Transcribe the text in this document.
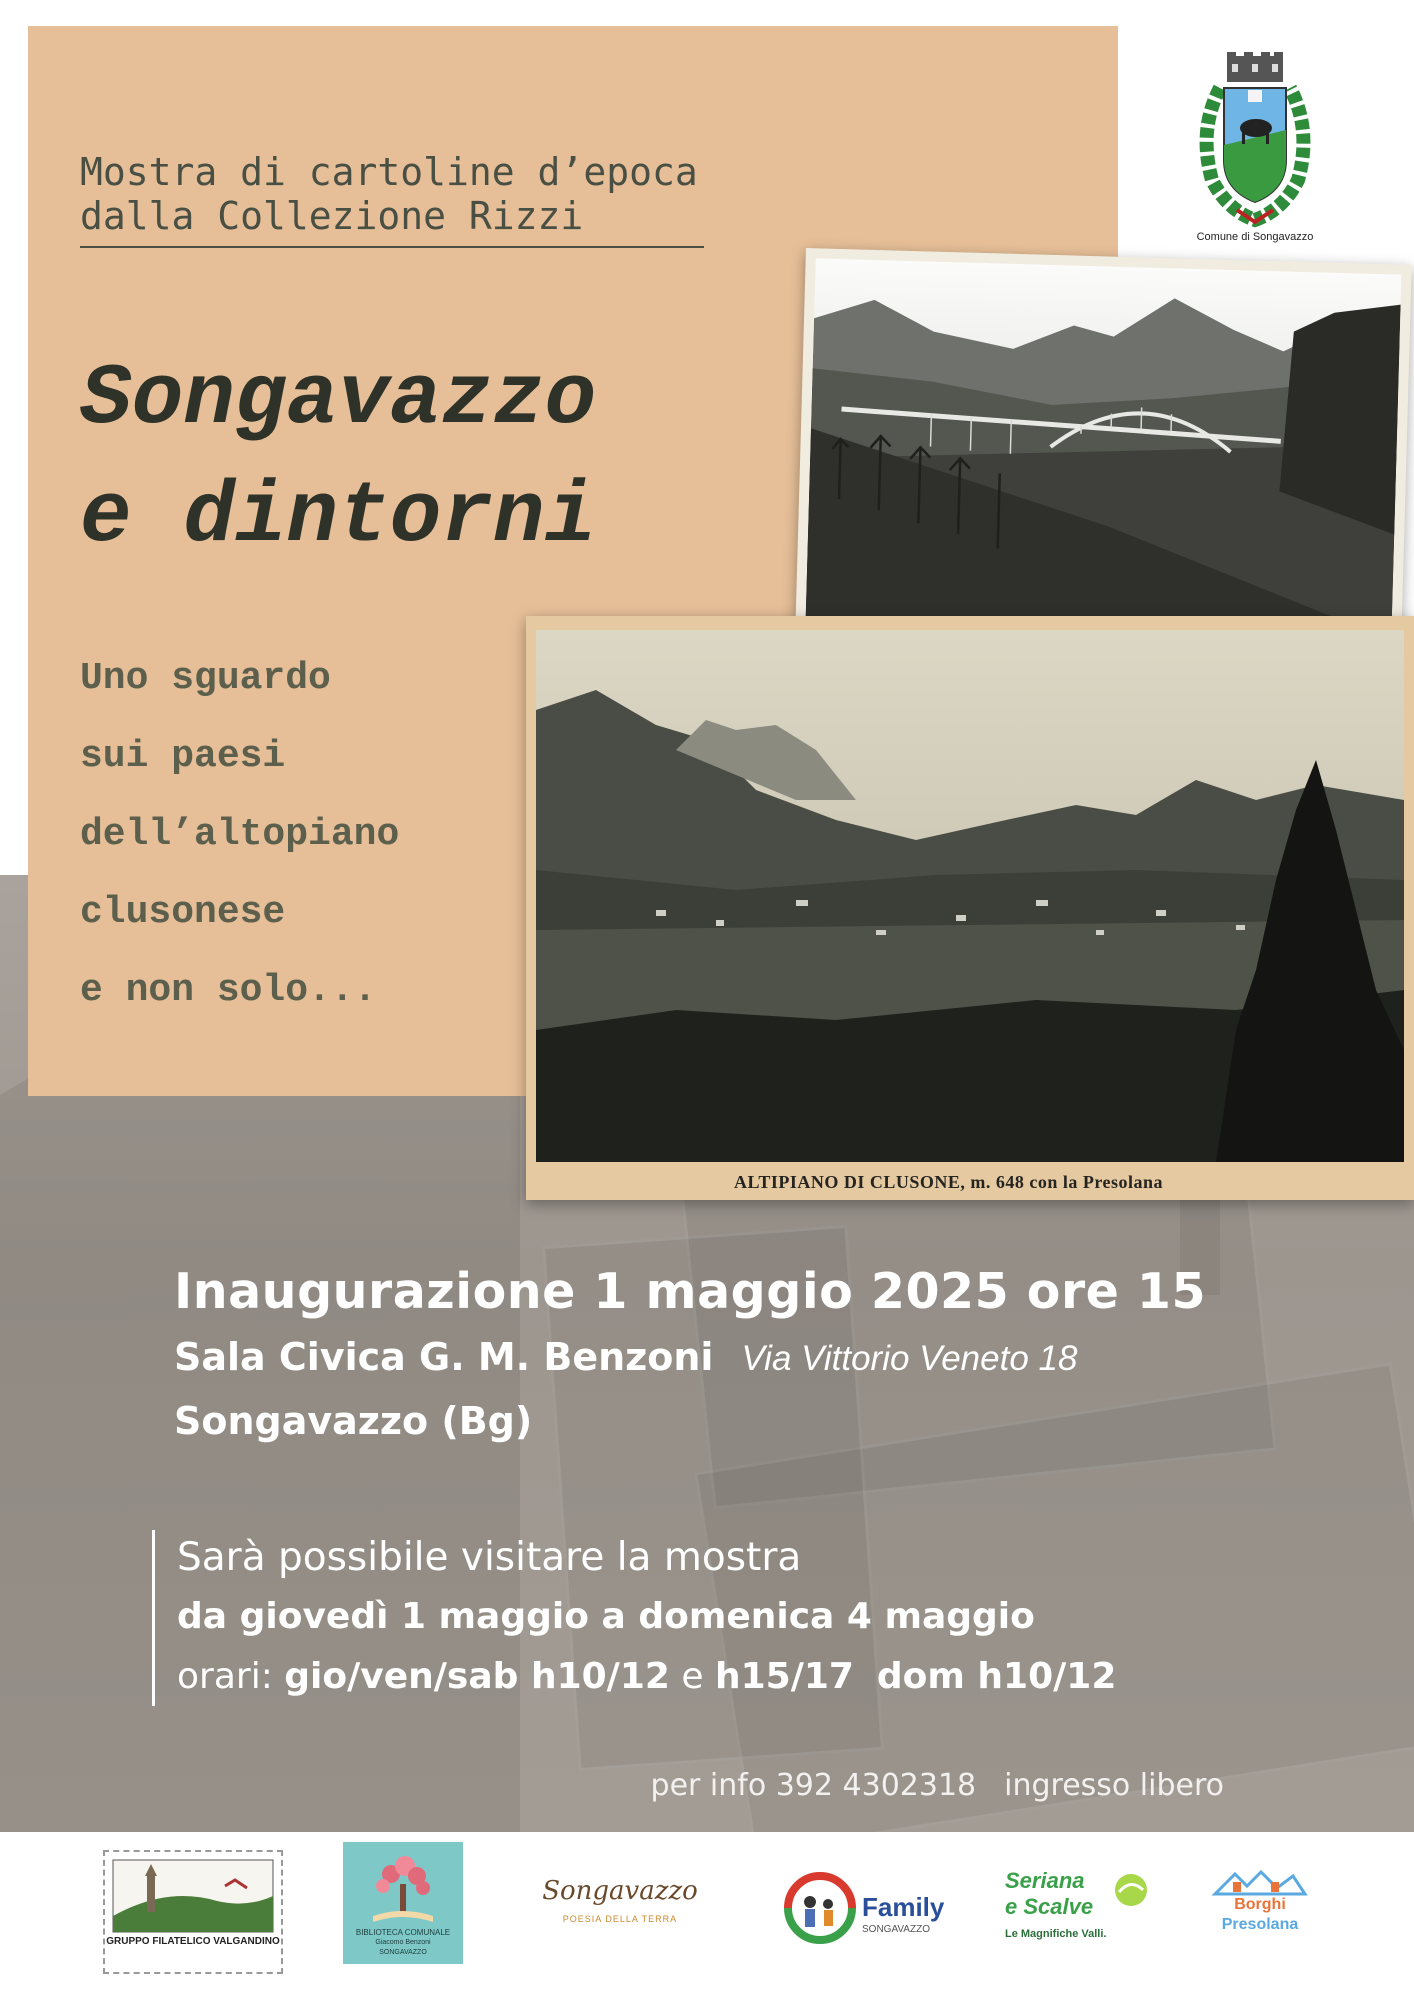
Mostra di cartoline d’epoca
dalla Collezione Rizzi

Songavazzo
e dintorni

Uno sguardo
sui paesi
dell’altopiano
clusonese
e non solo...

Comune di Songavazzo
ALTIPIANO DI CLUSONE, m. 648 con la Presolana
Inaugurazione 1 maggio 2025 ore 15
Sala Civica G. M. Benzoni Via Vittorio Veneto 18
Songavazzo (Bg)
Sarà possibile visitare la mostra
da giovedì 1 maggio a domenica 4 maggio
orari: gio/ven/sab h10/12 e h15/17 dom h10/12
per info 392 4302318 ingresso libero
GRUPPO FILATELICO VALGANDINO
BIBLIOTECA COMUNALE
Giacomo Benzoni
SONGAVAZZO
Songavazzo
POESIA DELLA TERRA	Family
SONGAVAZZO
Seriana
e Scalve
Le Magnifiche Valli.
Borghi
Presolana
